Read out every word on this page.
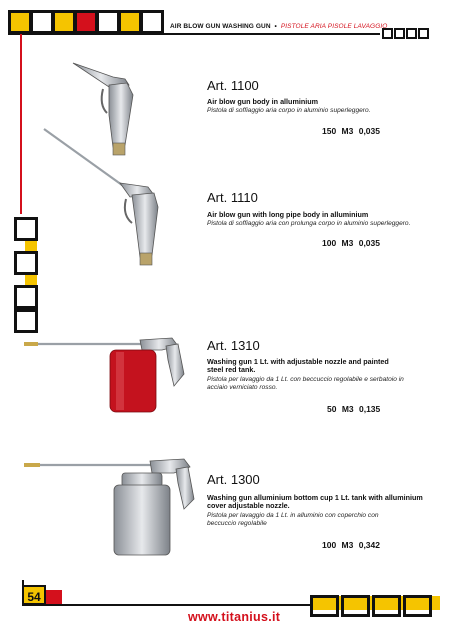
AIR BLOW GUN WASHING GUN • PISTOLE ARIA PISOLE LAVAGGIO
Art. 1100
Air blow gun body in alluminium
Pistola di soffiaggio aria corpo in aluminio superleggero.
150 M3 0,035
Art. 1110
Air blow gun with long pipe body in alluminium
Pistola di soffiaggio aria con prolunga corpo in aluminio superleggero.
100 M3 0,035
Art. 1310
Washing gun 1 Lt. with adjustable nozzle and painted steel red tank.
Pistola per lavaggio da 1 Lt. con beccuccio regolabile e serbatoio in acciaio verniciato rosso.
50 M3 0,135
Art. 1300
Washing gun alluminium bottom cup 1 Lt. tank with alluminium cover adjustable nozzle.
Pistola per lavaggio da 1 Lt. in alluminio con coperchio con beccuccio regolabile
100 M3 0,342
54
www.titanius.it
